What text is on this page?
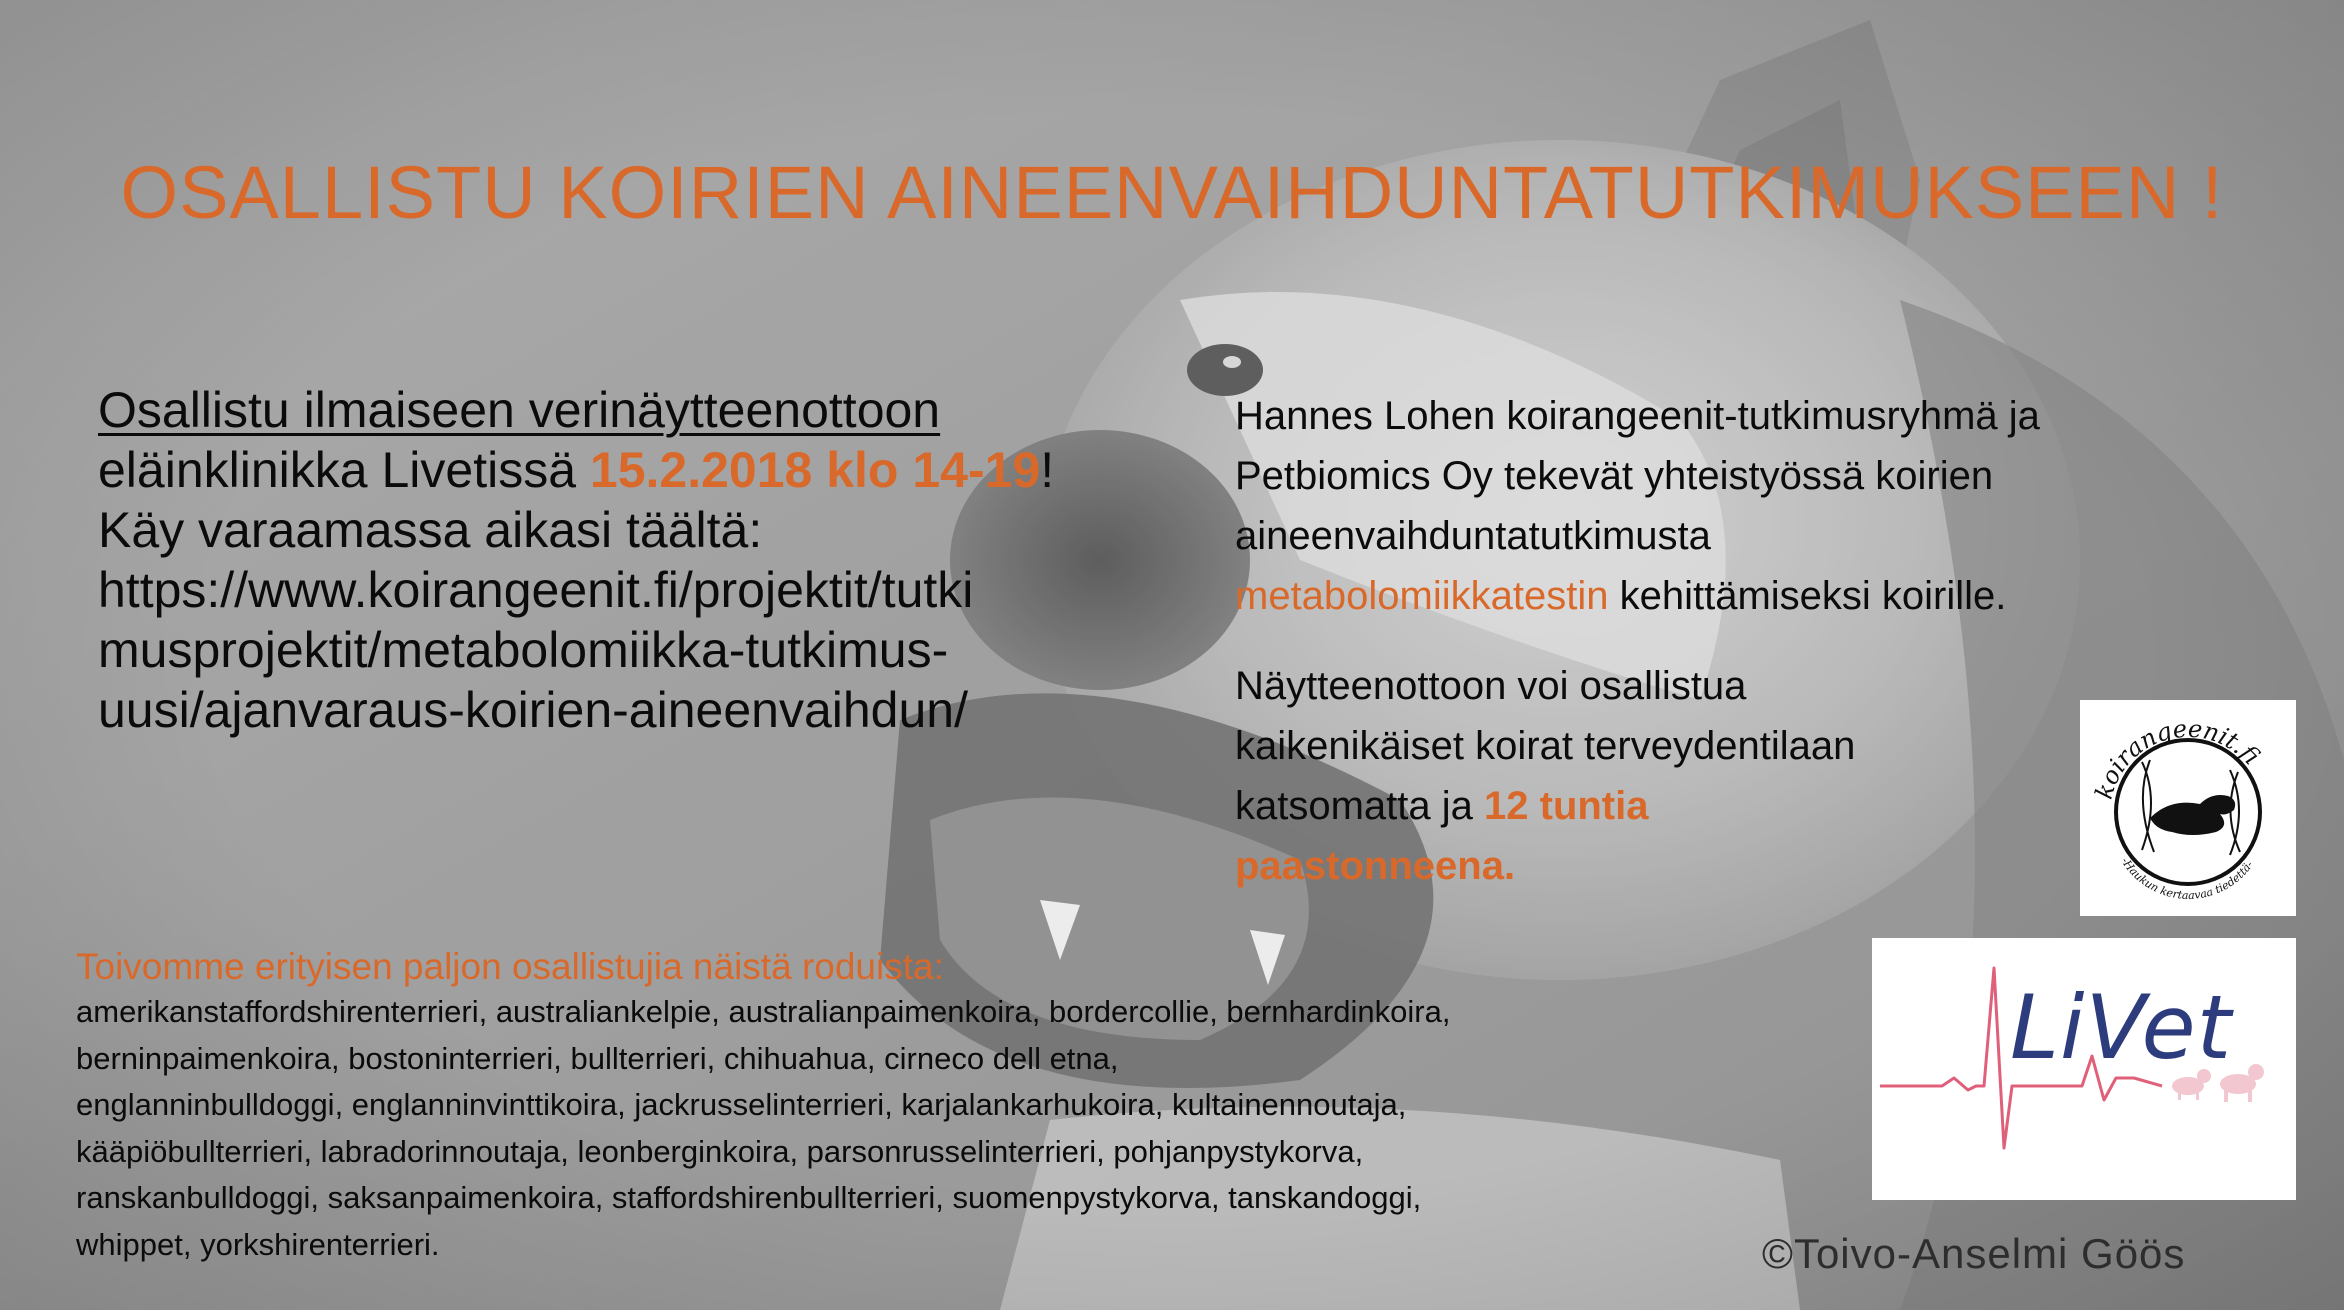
OSALLISTU KOIRIEN AINEENVAIHDUNTATUTKIMUKSEEN !
Osallistu ilmaiseen verinäytteenottoon
eläinklinikka Livetissä 15.2.2018 klo 14-19!
Käy varaamassa aikasi täältä:
https://www.koirangeenit.fi/projektit/tutki
musprojektit/metabolomiikka-tutkimus-
uusi/ajanvaraus-koirien-aineenvaihdun/
Hannes Lohen koirangeenit-tutkimusryhmä ja
Petbiomics Oy tekevät yhteistyössä koirien
aineenvaihduntatutkimusta
metabolomiikkatestin kehittämiseksi koirille.
Näytteenottoon voi osallistua
kaikenikäiset koirat terveydentilaan
katsomatta ja 12 tuntia
paastonneena.
Toivomme erityisen paljon osallistujia näistä roduista:
amerikanstaffordshirenterrieri, australiankelpie, australianpaimenkoira, bordercollie, bernhardinkoira,
berninpaimenkoira, bostoninterrieri, bullterrieri, chihuahua, cirneco dell etna,
englanninbulldoggi, englanninvinttikoira, jackrusselinterrieri, karjalankarhukoira, kultainennoutaja,
kääpiöbullterrieri, labradorinnoutaja, leonberginkoira, parsonrusselinterrieri, pohjanpystykorva,
ranskanbulldoggi, saksanpaimenkoira, staffordshirenbullterrieri, suomenpystykorva, tanskandoggi,
whippet, yorkshirenterrieri.
koirangeenit.fi
-Haukun kertaavaa tiedettä-
LiVet
©Toivo-Anselmi Göös
